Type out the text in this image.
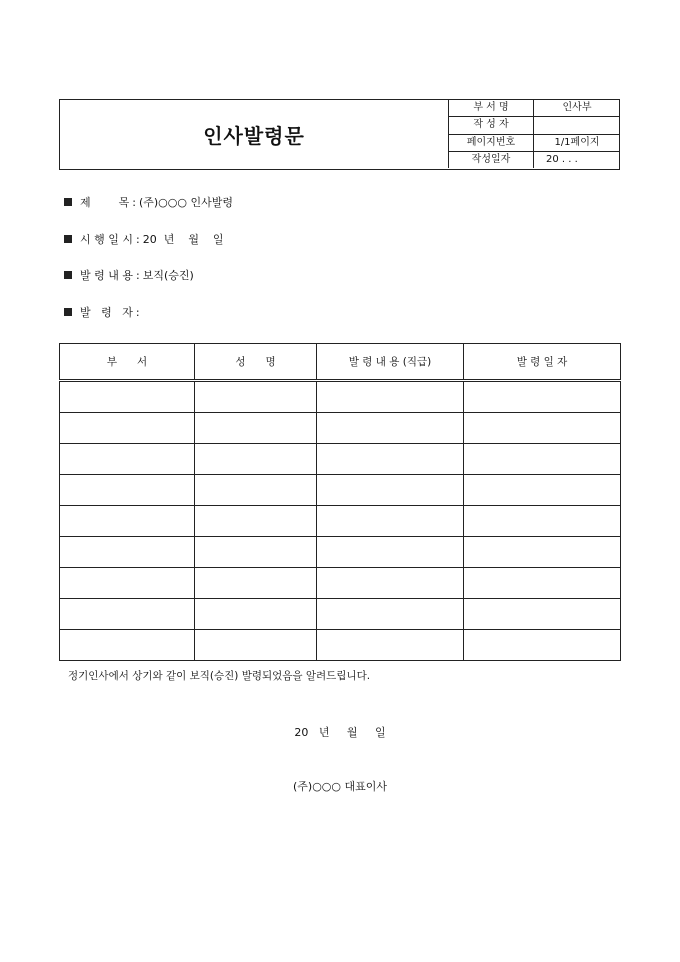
인사발령문
부 서 명	인사부
작 성 자	
페이지번호	1/1페이지
작성일자	20 . . .
제        목 : (주)○○○ 인사발령
시 행 일 시 : 20  년    월    일
발 령 내 용 : 보직(승진)
발   령   자 :
부      서	성      명	발 령 내 용 (직급)	발 령 일 자

정기인사에서 상기와 같이 보직(승진) 발령되었음을 알려드립니다.
20   년     월     일
(주)○○○ 대표이사
